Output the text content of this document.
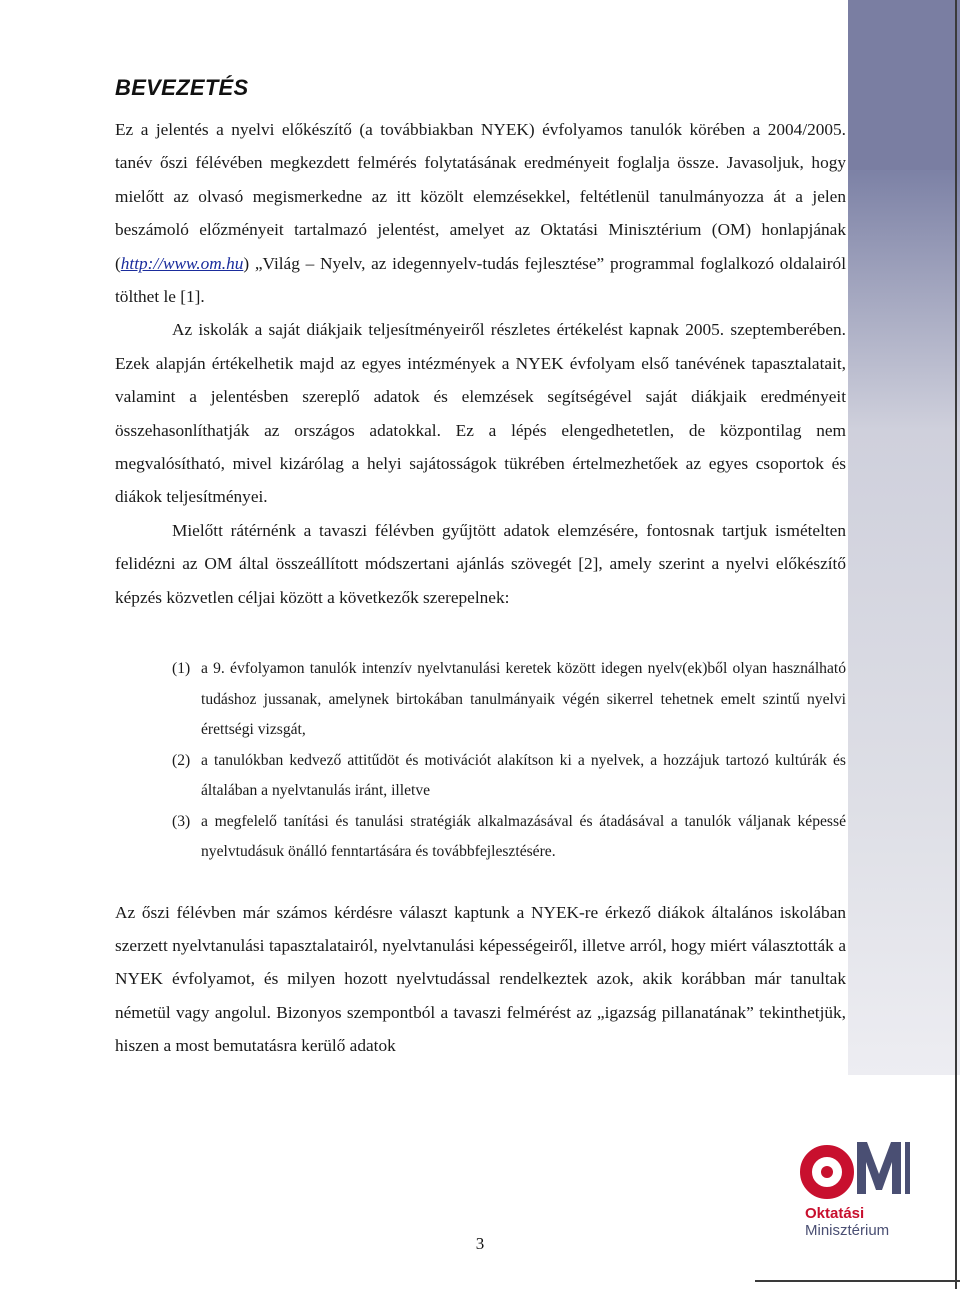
BEVEZETÉS

Ez a jelentés a nyelvi előkészítő (a továbbiakban NYEK) évfolyamos tanulók körében a 2004/2005. tanév őszi félévében megkezdett felmérés folytatásának eredményeit foglalja össze. Javasoljuk, hogy mielőtt az olvasó megismerkedne az itt közölt elemzésekkel, feltétlenül tanulmányozza át a jelen beszámoló előzményeit tartalmazó jelentést, amelyet az Oktatási Minisztérium (OM) honlapjának (http://www.om.hu) „Világ – Nyelv, az idegennyelv-tudás fejlesztése” programmal foglalkozó oldalairól tölthet le [1].

Az iskolák a saját diákjaik teljesítményeiről részletes értékelést kapnak 2005. szeptemberében. Ezek alapján értékelhetik majd az egyes intézmények a NYEK évfolyam első tanévének tapasztalatait, valamint a jelentésben szereplő adatok és elemzések segítségével saját diákjaik eredményeit összehasonlíthatják az országos adatokkal. Ez a lépés elengedhetetlen, de központilag nem megvalósítható, mivel kizárólag a helyi sajátosságok tükrében értelmezhetőek az egyes csoportok és diákok teljesítményei.

Mielőtt rátérnénk a tavaszi félévben gyűjtött adatok elemzésére, fontosnak tartjuk ismételten felidézni az OM által összeállított módszertani ajánlás szövegét [2], amely szerint a nyelvi előkészítő képzés közvetlen céljai között a következők szerepelnek:

(1) a 9. évfolyamon tanulók intenzív nyelvtanulási keretek között idegen nyelv(ek)ből olyan használható tudáshoz jussanak, amelynek birtokában tanulmányaik végén sikerrel tehetnek emelt szintű nyelvi érettségi vizsgát,
(2) a tanulókban kedvező attitűdöt és motivációt alakítson ki a nyelvek, a hozzájuk tartozó kultúrák és általában a nyelvtanulás iránt, illetve
(3) a megfelelő tanítási és tanulási stratégiák alkalmazásával és átadásával a tanulók váljanak képessé nyelvtudásuk önálló fenntartására és továbbfejlesztésére.

Az őszi félévben már számos kérdésre választ kaptunk a NYEK-re érkező diákok általános iskolában szerzett nyelvtanulási tapasztalatairól, nyelvtanulási képességeiről, illetve arról, hogy miért választották a NYEK évfolyamot, és milyen hozott nyelvtudással rendelkeztek azok, akik korábban már tanultak németül vagy angolul. Bizonyos szempontból a tavaszi felmérést az „igazság pillanatának” tekinthetjük, hiszen a most bemutatásra kerülő adatok

3
Oktatási
Minisztérium
